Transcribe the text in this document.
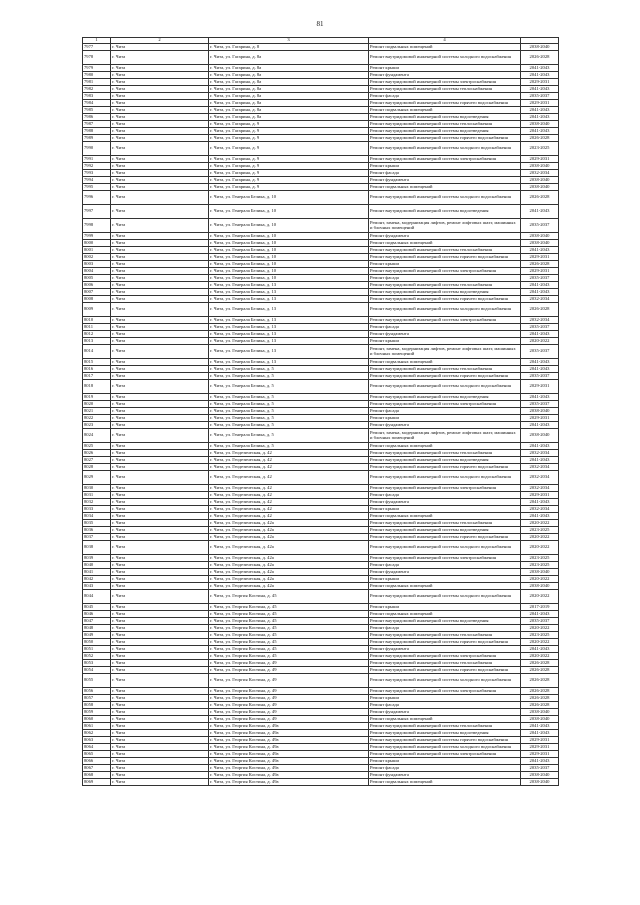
81
1	2	3	4	
7977	г. Чита	г. Чита, ул. Гагарина, д. 8	Ремонт подвальных помещений	2038-2040
7978	г. Чита	г. Чита, ул. Гагарина, д. 8а	Ремонт внутридомовой инженерной системы холодного водоснабжения	2026-2028
7979	г. Чита	г. Чита, ул. Гагарина, д. 8а	Ремонт крыши	2041-2043
7980	г. Чита	г. Чита, ул. Гагарина, д. 8а	Ремонт фундамента	2041-2043
7981	г. Чита	г. Чита, ул. Гагарина, д. 8а	Ремонт внутридомовой инженерной системы электроснабжения	2029-2031
7982	г. Чита	г. Чита, ул. Гагарина, д. 8а	Ремонт внутридомовой инженерной системы теплоснабжения	2041-2043
7983	г. Чита	г. Чита, ул. Гагарина, д. 8а	Ремонт фасада	2035-2037
7984	г. Чита	г. Чита, ул. Гагарина, д. 8а	Ремонт внутридомовой инженерной системы горячего водоснабжения	2029-2031
7985	г. Чита	г. Чита, ул. Гагарина, д. 8а	Ремонт подвальных помещений	2041-2043
7986	г. Чита	г. Чита, ул. Гагарина, д. 8а	Ремонт внутридомовой инженерной системы водоотведения	2041-2043
7987	г. Чита	г. Чита, ул. Гагарина, д. 9	Ремонт внутридомовой инженерной системы теплоснабжения	2038-2040
7988	г. Чита	г. Чита, ул. Гагарина, д. 9	Ремонт внутридомовой инженерной системы водоотведения	2041-2043
7989	г. Чита	г. Чита, ул. Гагарина, д. 9	Ремонт внутридомовой инженерной системы горячего водоснабжения	2026-2028
7990	г. Чита	г. Чита, ул. Гагарина, д. 9	Ремонт внутридомовой инженерной системы холодного водоснабжения	2023-2025
7991	г. Чита	г. Чита, ул. Гагарина, д. 9	Ремонт внутридомовой инженерной системы электроснабжения	2029-2031
7992	г. Чита	г. Чита, ул. Гагарина, д. 9	Ремонт крыши	2038-2040
7993	г. Чита	г. Чита, ул. Гагарина, д. 9	Ремонт фасада	2032-2034
7994	г. Чита	г. Чита, ул. Гагарина, д. 9	Ремонт фундамента	2038-2040
7995	г. Чита	г. Чита, ул. Гагарина, д. 9	Ремонт подвальных помещений	2038-2040
7996	г. Чита	г. Чита, ул. Генерала Белика, д. 10	Ремонт внутридомовой инженерной системы холодного водоснабжения	2026-2028
7997	г. Чита	г. Чита, ул. Генерала Белика, д. 10	Ремонт внутридомовой инженерной системы водоотведения	2041-2043
7998	г. Чита	г. Чита, ул. Генерала Белика, д. 10	Ремонт, замена, модернизация лифтов, ремонт лифтовых шахт, машинных и блочных помещений	2035-2037
7999	г. Чита	г. Чита, ул. Генерала Белика, д. 10	Ремонт фундамента	2038-2040
8000	г. Чита	г. Чита, ул. Генерала Белика, д. 10	Ремонт подвальных помещений	2038-2040
8001	г. Чита	г. Чита, ул. Генерала Белика, д. 10	Ремонт внутридомовой инженерной системы теплоснабжения	2041-2043
8002	г. Чита	г. Чита, ул. Генерала Белика, д. 10	Ремонт внутридомовой инженерной системы горячего водоснабжения	2029-2031
8003	г. Чита	г. Чита, ул. Генерала Белика, д. 10	Ремонт крыши	2026-2028
8004	г. Чита	г. Чита, ул. Генерала Белика, д. 10	Ремонт внутридомовой инженерной системы электроснабжения	2029-2031
8005	г. Чита	г. Чита, ул. Генерала Белика, д. 10	Ремонт фасада	2035-2037
8006	г. Чита	г. Чита, ул. Генерала Белика, д. 13	Ремонт внутридомовой инженерной системы теплоснабжения	2041-2043
8007	г. Чита	г. Чита, ул. Генерала Белика, д. 13	Ремонт внутридомовой инженерной системы водоотведения	2041-2043
8008	г. Чита	г. Чита, ул. Генерала Белика, д. 13	Ремонт внутридомовой инженерной системы горячего водоснабжения	2032-2034
8009	г. Чита	г. Чита, ул. Генерала Белика, д. 13	Ремонт внутридомовой инженерной системы холодного водоснабжения	2026-2028
8010	г. Чита	г. Чита, ул. Генерала Белика, д. 13	Ремонт внутридомовой инженерной системы электроснабжения	2032-2034
8011	г. Чита	г. Чита, ул. Генерала Белика, д. 13	Ремонт фасада	2035-2037
8012	г. Чита	г. Чита, ул. Генерала Белика, д. 13	Ремонт фундамента	2041-2043
8013	г. Чита	г. Чита, ул. Генерала Белика, д. 13	Ремонт крыши	2020-2022
8014	г. Чита	г. Чита, ул. Генерала Белика, д. 13	Ремонт, замена, модернизация лифтов, ремонт лифтовых шахт, машинных и блочных помещений	2035-2037
8015	г. Чита	г. Чита, ул. Генерала Белика, д. 13	Ремонт подвальных помещений	2041-2043
8016	г. Чита	г. Чита, ул. Генерала Белика, д. 5	Ремонт внутридомовой инженерной системы теплоснабжения	2041-2043
8017	г. Чита	г. Чита, ул. Генерала Белика, д. 5	Ремонт внутридомовой инженерной системы горячего водоснабжения	2035-2037
8018	г. Чита	г. Чита, ул. Генерала Белика, д. 5	Ремонт внутридомовой инженерной системы холодного водоснабжения	2029-2031
8019	г. Чита	г. Чита, ул. Генерала Белика, д. 5	Ремонт внутридомовой инженерной системы водоотведения	2041-2043
8020	г. Чита	г. Чита, ул. Генерала Белика, д. 5	Ремонт внутридомовой инженерной системы электроснабжения	2035-2037
8021	г. Чита	г. Чита, ул. Генерала Белика, д. 5	Ремонт фасада	2038-2040
8022	г. Чита	г. Чита, ул. Генерала Белика, д. 5	Ремонт крыши	2029-2031
8023	г. Чита	г. Чита, ул. Генерала Белика, д. 5	Ремонт фундамента	2041-2043
8024	г. Чита	г. Чита, ул. Генерала Белика, д. 5	Ремонт, замена, модернизация лифтов, ремонт лифтовых шахт, машинных и блочных помещений	2038-2040
8025	г. Чита	г. Чита, ул. Генерала Белика, д. 5	Ремонт подвальных помещений	2041-2043
8026	г. Чита	г. Чита, ул. Геодезическая, д. 42	Ремонт внутридомовой инженерной системы теплоснабжения	2032-2034
8027	г. Чита	г. Чита, ул. Геодезическая, д. 42	Ремонт внутридомовой инженерной системы водоотведения	2041-2043
8028	г. Чита	г. Чита, ул. Геодезическая, д. 42	Ремонт внутридомовой инженерной системы горячего водоснабжения	2032-2034
8029	г. Чита	г. Чита, ул. Геодезическая, д. 42	Ремонт внутридомовой инженерной системы холодного водоснабжения	2032-2034
8030	г. Чита	г. Чита, ул. Геодезическая, д. 42	Ремонт внутридомовой инженерной системы электроснабжения	2032-2034
8031	г. Чита	г. Чита, ул. Геодезическая, д. 42	Ремонт фасада	2029-2031
8032	г. Чита	г. Чита, ул. Геодезическая, д. 42	Ремонт фундамента	2041-2043
8033	г. Чита	г. Чита, ул. Геодезическая, д. 42	Ремонт крыши	2032-2034
8034	г. Чита	г. Чита, ул. Геодезическая, д. 42	Ремонт подвальных помещений	2041-2043
8035	г. Чита	г. Чита, ул. Геодезическая, д. 42а	Ремонт внутридомовой инженерной системы теплоснабжения	2020-2022
8036	г. Чита	г. Чита, ул. Геодезическая, д. 42а	Ремонт внутридомовой инженерной системы водоотведения	2023-2025
8037	г. Чита	г. Чита, ул. Геодезическая, д. 42а	Ремонт внутридомовой инженерной системы горячего водоснабжения	2020-2022
8038	г. Чита	г. Чита, ул. Геодезическая, д. 42а	Ремонт внутридомовой инженерной системы холодного водоснабжения	2020-2022
8039	г. Чита	г. Чита, ул. Геодезическая, д. 42а	Ремонт внутридомовой инженерной системы электроснабжения	2023-2025
8040	г. Чита	г. Чита, ул. Геодезическая, д. 42а	Ремонт фасада	2023-2025
8041	г. Чита	г. Чита, ул. Геодезическая, д. 42а	Ремонт фундамента	2038-2040
8042	г. Чита	г. Чита, ул. Геодезическая, д. 42а	Ремонт крыши	2020-2022
8043	г. Чита	г. Чита, ул. Геодезическая, д. 42а	Ремонт подвальных помещений	2038-2040
8044	г. Чита	г. Чита, ул. Георгия Костина, д. 45	Ремонт внутридомовой инженерной системы холодного водоснабжения	2020-2022
8045	г. Чита	г. Чита, ул. Георгия Костина, д. 45	Ремонт крыши	2017-2019
8046	г. Чита	г. Чита, ул. Георгия Костина, д. 45	Ремонт подвальных помещений	2041-2043
8047	г. Чита	г. Чита, ул. Георгия Костина, д. 45	Ремонт внутридомовой инженерной системы водоотведения	2035-2037
8048	г. Чита	г. Чита, ул. Георгия Костина, д. 45	Ремонт фасада	2020-2022
8049	г. Чита	г. Чита, ул. Георгия Костина, д. 45	Ремонт внутридомовой инженерной системы теплоснабжения	2023-2025
8050	г. Чита	г. Чита, ул. Георгия Костина, д. 45	Ремонт внутридомовой инженерной системы горячего водоснабжения	2020-2022
8051	г. Чита	г. Чита, ул. Георгия Костина, д. 45	Ремонт фундамента	2041-2043
8052	г. Чита	г. Чита, ул. Георгия Костина, д. 45	Ремонт внутридомовой инженерной системы электроснабжения	2020-2022
8053	г. Чита	г. Чита, ул. Георгия Костина, д. 49	Ремонт внутридомовой инженерной системы теплоснабжения	2026-2028
8054	г. Чита	г. Чита, ул. Георгия Костина, д. 49	Ремонт внутридомовой инженерной системы горячего водоснабжения	2026-2028
8055	г. Чита	г. Чита, ул. Георгия Костина, д. 49	Ремонт внутридомовой инженерной системы холодного водоснабжения	2026-2028
8056	г. Чита	г. Чита, ул. Георгия Костина, д. 49	Ремонт внутридомовой инженерной системы электроснабжения	2026-2028
8057	г. Чита	г. Чита, ул. Георгия Костина, д. 49	Ремонт крыши	2026-2028
8058	г. Чита	г. Чита, ул. Георгия Костина, д. 49	Ремонт фасада	2026-2028
8059	г. Чита	г. Чита, ул. Георгия Костина, д. 49	Ремонт фундамента	2038-2040
8060	г. Чита	г. Чита, ул. Георгия Костина, д. 49	Ремонт подвальных помещений	2038-2040
8061	г. Чита	г. Чита, ул. Георгия Костина, д. 49а	Ремонт внутридомовой инженерной системы теплоснабжения	2041-2043
8062	г. Чита	г. Чита, ул. Георгия Костина, д. 49а	Ремонт внутридомовой инженерной системы водоотведения	2041-2043
8063	г. Чита	г. Чита, ул. Георгия Костина, д. 49а	Ремонт внутридомовой инженерной системы горячего водоснабжения	2029-2031
8064	г. Чита	г. Чита, ул. Георгия Костина, д. 49а	Ремонт внутридомовой инженерной системы холодного водоснабжения	2029-2031
8065	г. Чита	г. Чита, ул. Георгия Костина, д. 49а	Ремонт внутридомовой инженерной системы электроснабжения	2029-2031
8066	г. Чита	г. Чита, ул. Георгия Костина, д. 49а	Ремонт крыши	2041-2043
8067	г. Чита	г. Чита, ул. Георгия Костина, д. 49а	Ремонт фасада	2035-2037
8068	г. Чита	г. Чита, ул. Георгия Костина, д. 49а	Ремонт фундамента	2038-2040
8069	г. Чита	г. Чита, ул. Георгия Костина, д. 49а	Ремонт подвальных помещений	2038-2040
